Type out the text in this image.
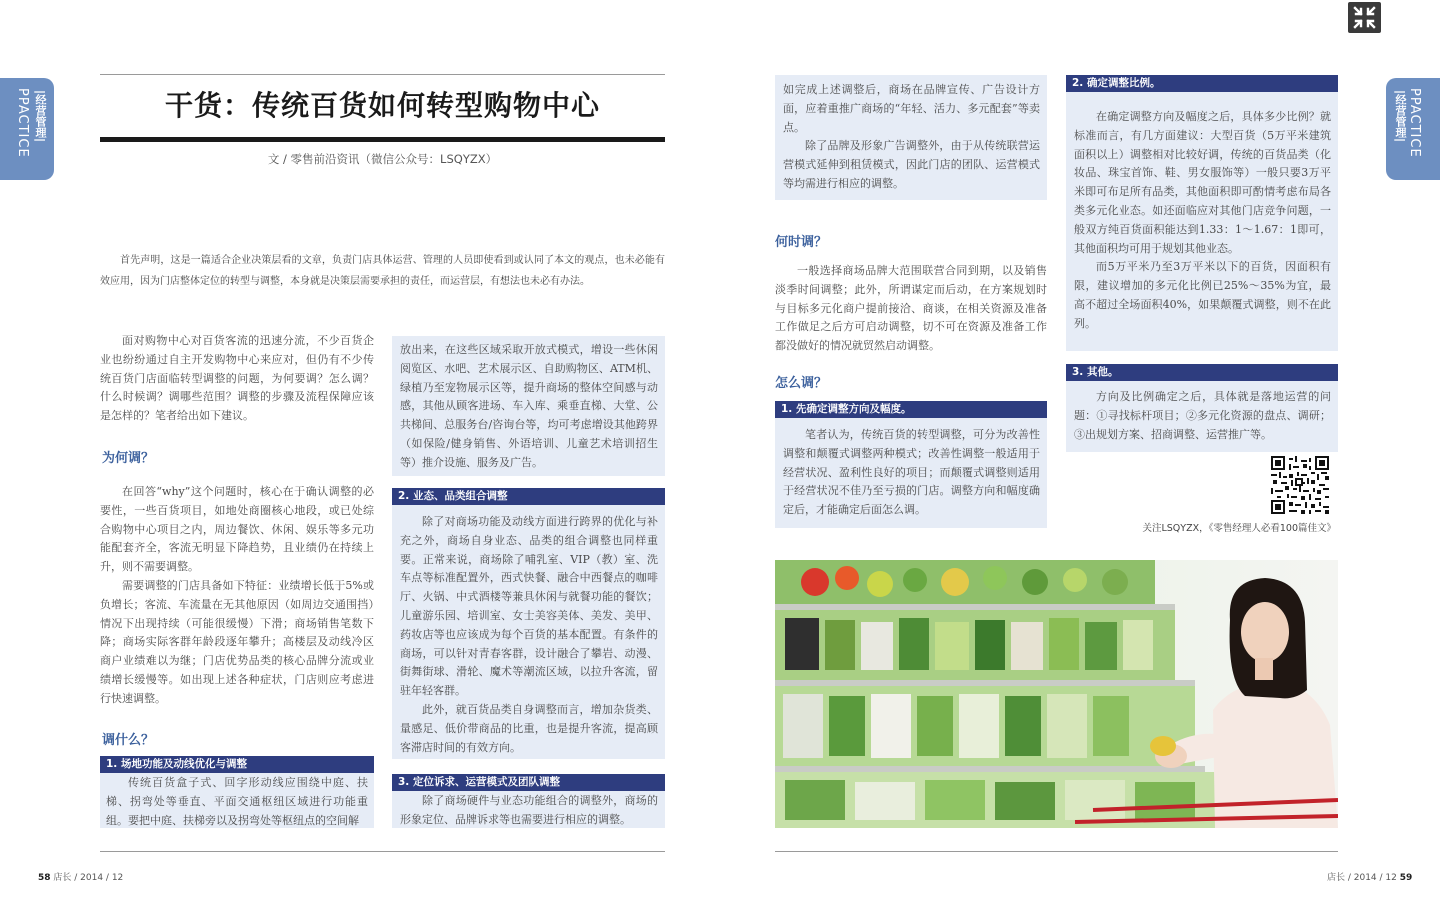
PPACTICE |经营管理|	PPACTICE
|经营管理|
干货：传统百货如何转型购物中心
文 / 零售前沿资讯（微信公众号：LSQYZX）

首先声明，这是一篇适合企业决策层看的文章，负责门店具体运营、管理的人员即使看到或认同了本文的观点，也未必能有效应用，因为门店整体定位的转型与调整，本身就是决策层需要承担的责任，而运营层，有想法也未必有办法。

面对购物中心对百货客流的迅速分流，不少百货企业也纷纷通过自主开发购物中心来应对，但仍有不少传统百货门店面临转型调整的问题，为何要调？怎么调？什么时候调？调哪些范围？调整的步骤及流程保障应该是怎样的？笔者给出如下建议。

为何调？

在回答“why”这个问题时，核心在于确认调整的必要性，一些百货项目，如地处商圈核心地段，或已处综合购物中心项目之内，周边餐饮、休闲、娱乐等多元功能配套齐全，客流无明显下降趋势，且业绩仍在持续上升，则不需要调整。

需要调整的门店具备如下特征：业绩增长低于5%或负增长；客流、车流量在无其他原因（如周边交通围挡）情况下出现持续（可能很缓慢）下滑；商场销售笔数下降；商场实际客群年龄段逐年攀升；高楼层及动线冷区商户业绩难以为继；门店优势品类的核心品牌分流或业绩增长缓慢等。如出现上述各种症状，门店则应考虑进行快速调整。

调什么？
1. 场地功能及动线优化与调整

传统百货盒子式、回字形动线应围绕中庭、扶梯、拐弯处等垂直、平面交通枢纽区域进行功能重组。要把中庭、扶梯旁以及拐弯处等枢纽点的空间解

放出来，在这些区域采取开放式模式，增设一些休闲阅览区、水吧、艺术展示区、自助购物区、ATM机、绿植乃至宠物展示区等，提升商场的整体空间感与动感，其他从顾客进场、车入库、乘垂直梯、大堂、公共梯间、总服务台/咨询台等，均可考虑增设其他跨界（如保险/健身销售、外语培训、儿童艺术培训招生等）推介设施、服务及广告。

2. 业态、品类组合调整

除了对商场功能及动线方面进行跨界的优化与补充之外，商场自身业态、品类的组合调整也同样重要。正常来说，商场除了哺乳室、VIP（教）室、洗车点等标准配置外，西式快餐、融合中西餐点的咖啡厅、火锅、中式酒楼等兼具休闲与就餐功能的餐饮；儿童游乐园、培训室、女士美容美体、美发、美甲、药妆店等也应该成为每个百货的基本配置。有条件的商场，可以针对青春客群，设计融合了攀岩、动漫、街舞街球、滑轮、魔术等潮流区域，以拉升客流，留驻年轻客群。

此外，就百货品类自身调整而言，增加杂货类、量感足、低价带商品的比重，也是提升客流，提高顾客滞店时间的有效方向。

3. 定位诉求、运营模式及团队调整

除了商场硬件与业态功能组合的调整外，商场的形象定位、品牌诉求等也需要进行相应的调整。

58 店长 / 2014 / 12

如完成上述调整后，商场在品牌宣传、广告设计方面，应着重推广商场的“年轻、活力、多元配套”等卖点。

除了品牌及形象广告调整外，由于从传统联营运营模式延伸到租赁模式，因此门店的团队、运营模式等均需进行相应的调整。

何时调？

一般选择商场品牌大范围联营合同到期，以及销售淡季时间调整；此外，所谓谋定而后动，在方案规划时与目标多元化商户提前接洽、商谈，在相关资源及准备工作做足之后方可启动调整，切不可在资源及准备工作都没做好的情况就贸然启动调整。

怎么调？
1. 先确定调整方向及幅度。

笔者认为，传统百货的转型调整，可分为改善性调整和颠覆式调整两种模式；改善性调整一般适用于经营状况、盈利性良好的项目；而颠覆式调整则适用于经营状况不佳乃至亏损的门店。调整方向和幅度确定后，才能确定后面怎么调。

2. 确定调整比例。

在确定调整方向及幅度之后，具体多少比例？就标准而言，有几方面建议：大型百货（5万平米建筑面积以上）调整相对比较好调，传统的百货品类（化妆品、珠宝首饰、鞋、男女服饰等）一般只要3万平米即可布足所有品类，其他面积即可酌情考虑布局各类多元化业态。如还面临应对其他门店竞争问题，一般双方纯百货面积能达到1.33：1～1.67：1即可，其他面积均可用于规划其他业态。

而5万平米乃至3万平米以下的百货，因面积有限，建议增加的多元化比例已25%～35%为宜，最高不超过全场面积40%，如果颠覆式调整，则不在此列。

3. 其他。

方向及比例确定之后，具体就是落地运营的问题：①寻找标杆项目；②多元化资源的盘点、调研；③出规划方案、招商调整、运营推广等。

关注LSQYZX，《零售经理人必看100篇佳文》
店长 / 2014 / 12 59
